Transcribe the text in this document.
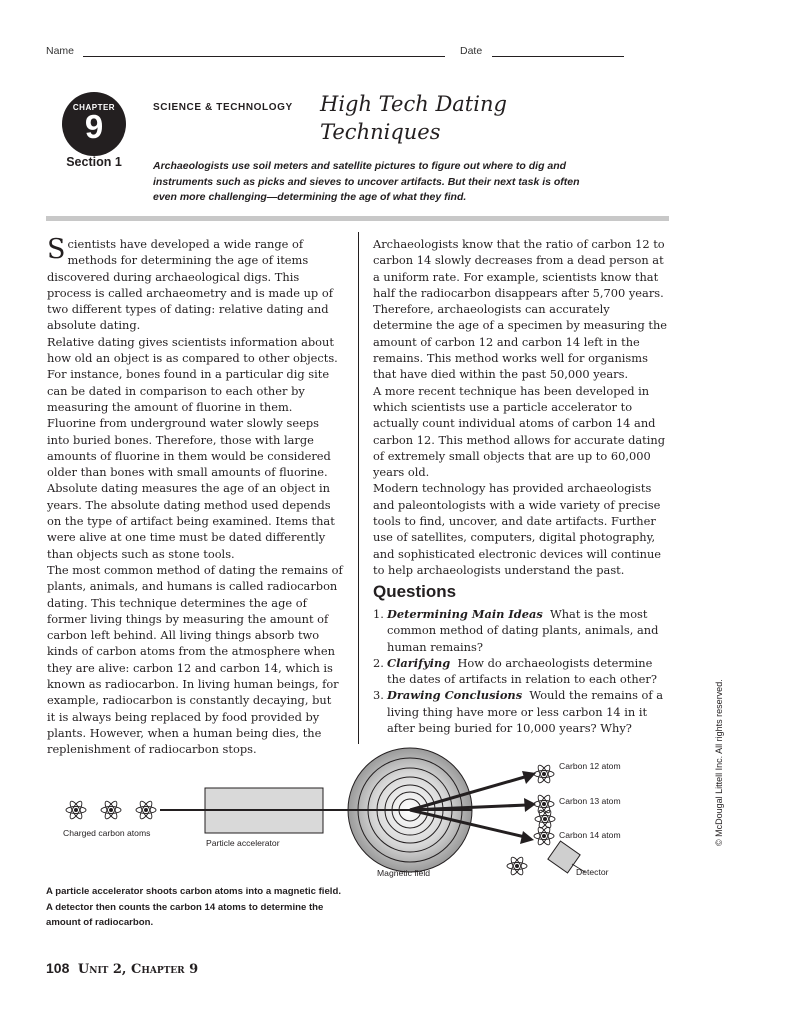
Name	Date
CHAPTER
9
Section 1
SCIENCE & TECHNOLOGY High Tech Dating
Techniques
Archaeologists use soil meters and satellite pictures to figure out where to dig and instruments such as picks and sieves to uncover artifacts. But their next task is often even more challenging—determining the age of what they find.

Scientists have developed a wide range of methods for determining the age of items discovered during archaeological digs. This process is called archaeometry and is made up of two different types of dating: relative dating and absolute dating.

Relative dating gives scientists information about how old an object is as compared to other objects. For instance, bones found in a particular dig site can be dated in comparison to each other by measuring the amount of fluorine in them. Fluorine from underground water slowly seeps into buried bones. Therefore, those with large amounts of fluorine in them would be considered older than bones with small amounts of fluorine.

Absolute dating measures the age of an object in years. The absolute dating method used depends on the type of artifact being examined. Items that were alive at one time must be dated differently than objects such as stone tools.

The most common method of dating the remains of plants, animals, and humans is called radiocarbon dating. This technique determines the age of former living things by measuring the amount of carbon left behind. All living things absorb two kinds of carbon atoms from the atmosphere when they are alive: carbon 12 and carbon 14, which is known as radiocarbon. In living human beings, for example, radiocarbon is constantly decaying, but it is always being replaced by food provided by plants. However, when a human being dies, the replenishment of radiocarbon stops.

Archaeologists know that the ratio of carbon 12 to carbon 14 slowly decreases from a dead person at a uniform rate. For example, scientists know that half the radiocarbon disappears after 5,700 years. Therefore, archaeologists can accurately determine the age of a specimen by measuring the amount of carbon 12 and carbon 14 left in the remains. This method works well for organisms that have died within the past 50,000 years.

A more recent technique has been developed in which scientists use a particle accelerator to actually count individual atoms of carbon 14 and carbon 12. This method allows for accurate dating of extremely small objects that are up to 60,000 years old.

Modern technology has provided archaeologists and paleontologists with a wide variety of precise tools to find, uncover, and date artifacts. Further use of satellites, computers, digital photography, and sophisticated electronic devices will continue to help archaeologists understand the past.

Questions
1. Determining Main Ideas What is the most common method of dating plants, animals, and human remains?
2. Clarifying How do archaeologists determine the dates of artifacts in relation to each other?
3. Drawing Conclusions Would the remains of a living thing have more or less carbon 14 in it after being buried for 10,000 years? Why?
Charged carbon atoms
Particle accelerator
Magnetic field
Carbon 12 atom
Carbon 13 atom
Carbon 14 atom
Detector
A particle accelerator shoots carbon atoms into a magnetic field. A detector then counts the carbon 14 atoms to determine the amount of radiocarbon.
© McDougal Littell Inc. All rights reserved.
108 Unit 2, Chapter 9
